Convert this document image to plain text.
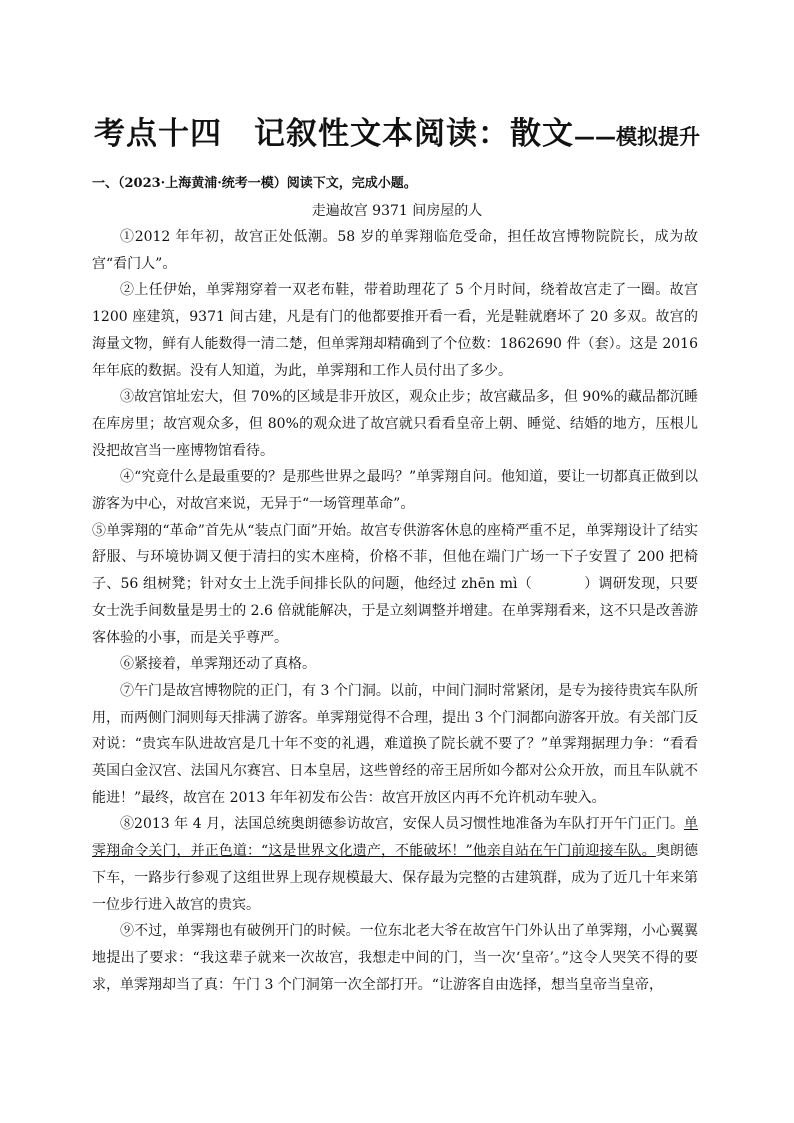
考点十四　记叙性文本阅读：散文——模拟提升
一、（2023·上海黄浦·统考一模）阅读下文，完成小题。
走遍故宫 9371 间房屋的人

①2012 年年初，故宫正处低潮。58 岁的单霁翔临危受命，担任故宫博物院院长，成为故宫“看门人”。

②上任伊始，单霁翔穿着一双老布鞋，带着助理花了 5 个月时间，绕着故宫走了一圈。故宫 1200 座建筑，9371 间古建，凡是有门的他都要推开看一看，光是鞋就磨坏了 20 多双。故宫的海量文物，鲜有人能数得一清二楚，但单霁翔却精确到了个位数：1862690 件（套）。这是 2016 年年底的数据。没有人知道，为此，单霁翔和工作人员付出了多少。

③故宫馆址宏大，但 70%的区域是非开放区，观众止步；故宫藏品多，但 90%的藏品都沉睡在库房里；故宫观众多，但 80%的观众进了故宫就只看看皇帝上朝、睡觉、结婚的地方，压根儿没把故宫当一座博物馆看待。

④“究竟什么是最重要的？是那些世界之最吗？”单霁翔自问。他知道，要让一切都真正做到以游客为中心，对故宫来说，无异于“一场管理革命”。

⑤单霁翔的“革命”首先从“装点门面”开始。故宫专供游客休息的座椅严重不足，单霁翔设计了结实舒服、与环境协调又便于清扫的实木座椅，价格不菲，但他在端门广场一下子安置了 200 把椅子、56 组树凳；针对女士上洗手间排长队的问题，他经过 zhēn mì（	）调研发现，只要女士洗手间数量是男士的 2.6 倍就能解决，于是立刻调整并增建。在单霁翔看来，这不只是改善游客体验的小事，而是关乎尊严。

⑥紧接着，单霁翔还动了真格。

⑦午门是故宫博物院的正门，有 3 个门洞。以前，中间门洞时常紧闭，是专为接待贵宾车队所用，而两侧门洞则每天排满了游客。单霁翔觉得不合理，提出 3 个门洞都向游客开放。有关部门反对说：“贵宾车队进故宫是几十年不变的礼遇，难道换了院长就不要了？”单霁翔据理力争：“看看英国白金汉宫、法国凡尔赛宫、日本皇居，这些曾经的帝王居所如今都对公众开放，而且车队就不能进！”最终，故宫在 2013 年年初发布公告：故宫开放区内再不允许机动车驶入。

⑧2013 年 4 月，法国总统奥朗德参访故宫，安保人员习惯性地准备为车队打开午门正门。单霁翔命令关门，并正色道：“这是世界文化遗产，不能破坏！”他亲自站在午门前迎接车队。奥朗德下车，一路步行参观了这组世界上现存规模最大、保存最为完整的古建筑群，成为了近几十年来第一位步行进入故宫的贵宾。

⑨不过，单霁翔也有破例开门的时候。一位东北老大爷在故宫午门外认出了单霁翔，小心翼翼地提出了要求：“我这辈子就来一次故宫，我想走中间的门，当一次‘皇帝’。”这令人哭笑不得的要求，单霁翔却当了真：午门 3 个门洞第一次全部打开。“让游客自由选择，想当皇帝当皇帝，
